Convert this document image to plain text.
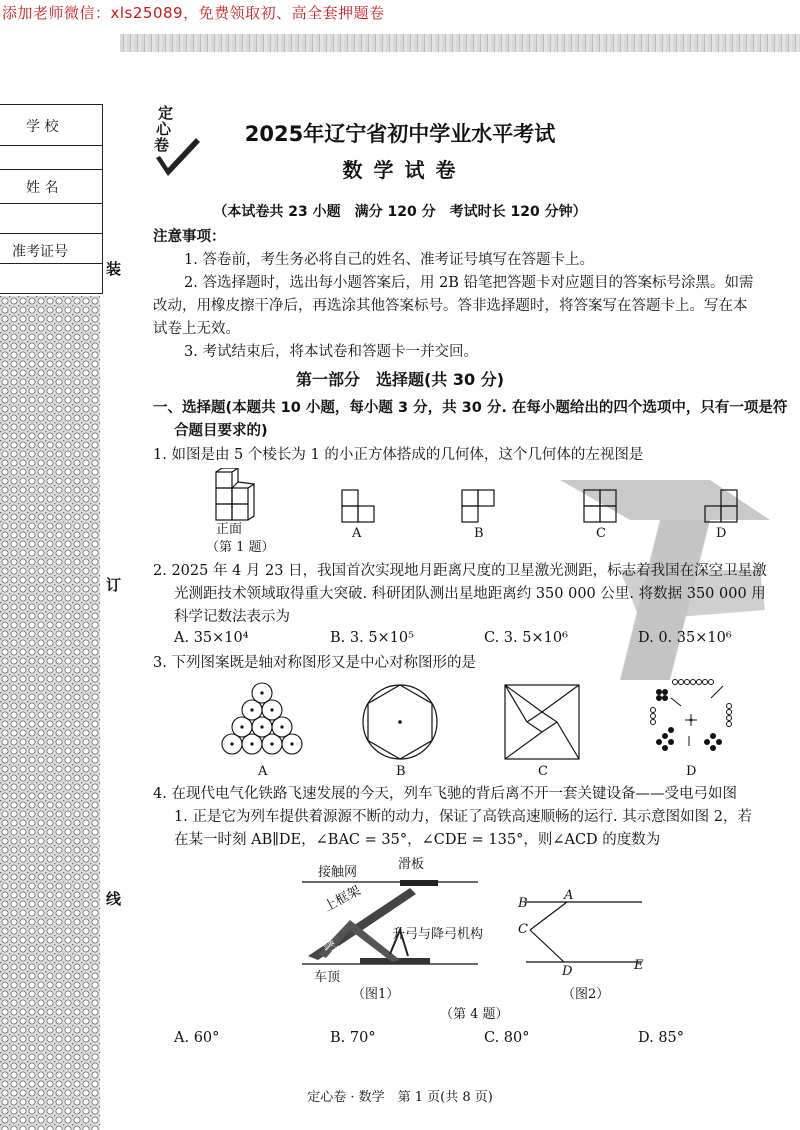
添加老师微信：xls25089，免费领取初、高全套押题卷
学 校
姓 名
准考证号
装
订
线
定
心
卷	2025年辽宁省初中学业水平考试
数 学 试 卷
（本试卷共 23 小题　满分 120 分　考试时长 120 分钟）
注意事项：
1. 答卷前，考生务必将自己的姓名、准考证号填写在答题卡上。
2. 答选择题时，选出每小题答案后，用 2B 铅笔把答题卡对应题目的答案标号涂黑。如需
改动，用橡皮擦干净后，再选涂其他答案标号。答非选择题时，将答案写在答题卡上。写在本
试卷上无效。
3. 考试结束后，将本试卷和答题卡一并交回。
第一部分　选择题(共 30 分)
一、选择题(本题共 10 小题，每小题 3 分，共 30 分. 在每小题给出的四个选项中，只有一项是符
合题目要求的)
1. 如图是由 5 个棱长为 1 的小正方体搭成的几何体，这个几何体的左视图是
正面
（第 1 题）
A	B	C	D
2. 2025 年 4 月 23 日，我国首次实现地月距离尺度的卫星激光测距，标志着我国在深空卫星激
光测距技术领域取得重大突破. 科研团队测出星地距离约 350 000 公里. 将数据 350 000 用
科学记数法表示为
A. 35×10⁴	B. 3. 5×10⁵	C. 3. 5×10⁶	D. 0. 35×10⁶
3. 下列图案既是轴对称图形又是中心对称图形的是
A	B	C	D
4. 在现代电气化铁路飞速发展的今天，列车飞驰的背后离不开一套关键设备——受电弓如图
1. 正是它为列车提供着源源不断的动力，保证了高铁高速顺畅的运行. 其示意图如图 2，若
在某一时刻 AB∥DE，∠BAC = 35°，∠CDE = 135°，则∠ACD 的度数为
接触网
滑板
上框架
下臂杆	升弓与降弓机构
车顶
（图1）
B
A
C
D	E
（图2）
（第 4 题）
A. 60°	B. 70°	C. 80°	D. 85°
定心卷 · 数学　第 1 页(共 8 页)
